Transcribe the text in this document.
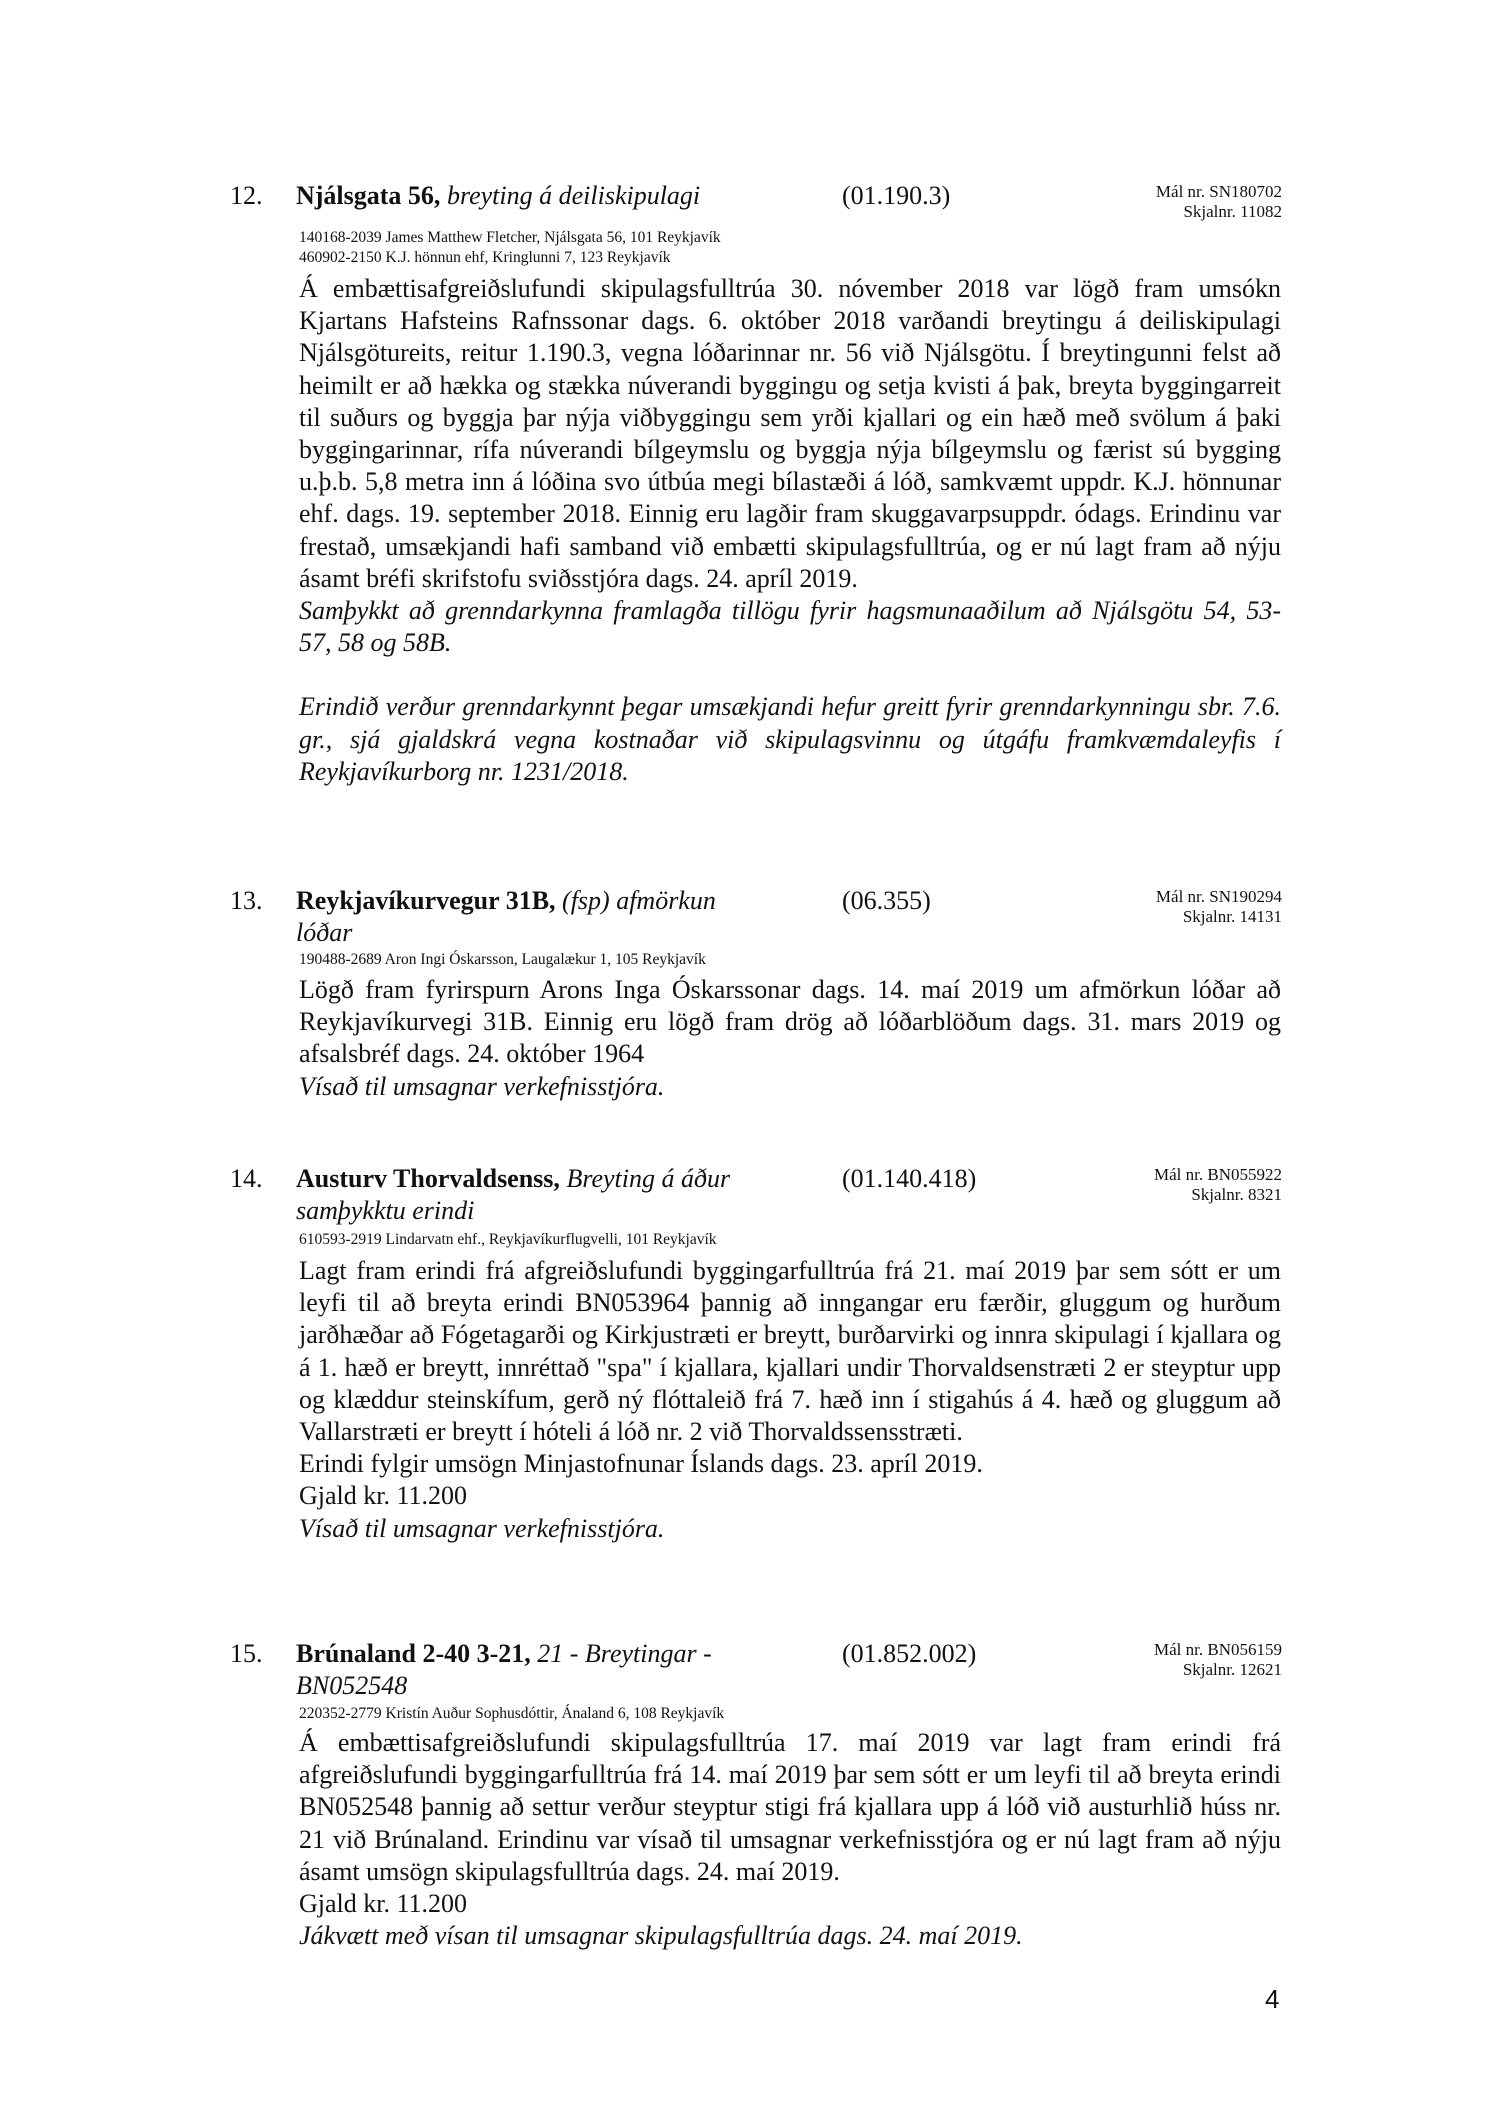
12. Njálsgata 56, breyting á deiliskipulagi	(01.190.3)	Mál nr. SN180702
Skjalnr. 11082
140168-2039 James Matthew Fletcher, Njálsgata 56, 101 Reykjavík
460902-2150 K.J. hönnun ehf, Kringlunni 7, 123 Reykjavík

Á embættisafgreiðslufundi skipulagsfulltrúa 30. nóvember 2018 var lögð fram umsókn Kjartans Hafsteins Rafnssonar dags. 6. október 2018 varðandi breytingu á deiliskipulagi Njálsgötureits, reitur 1.190.3, vegna lóðarinnar nr. 56 við Njálsgötu. Í breytingunni felst að heimilt er að hækka og stækka núverandi byggingu og setja kvisti á þak, breyta byggingarreit til suðurs og byggja þar nýja viðbyggingu sem yrði kjallari og ein hæð með svölum á þaki byggingarinnar, rífa núverandi bílgeymslu og byggja nýja bílgeymslu og færist sú bygging u.þ.b. 5,8 metra inn á lóðina svo útbúa megi bílastæði á lóð, samkvæmt uppdr. K.J. hönnunar ehf. dags. 19. september 2018. Einnig eru lagðir fram skuggavarpsuppdr. ódags. Erindinu var frestað, umsækjandi hafi samband við embætti skipulagsfulltrúa, og er nú lagt fram að nýju ásamt bréfi skrifstofu sviðsstjóra dags. 24. apríl 2019.

Samþykkt að grenndarkynna framlagða tillögu fyrir hagsmunaaðilum að Njálsgötu 54, 53- 57, 58 og 58B.

Erindið verður grenndarkynnt þegar umsækjandi hefur greitt fyrir grenndarkynningu sbr. 7.6. gr., sjá gjaldskrá vegna kostnaðar við skipulagsvinnu og útgáfu framkvæmdaleyfis í Reykjavíkurborg nr. 1231/2018.

13. Reykjavíkurvegur 31B, (fsp) afmörkun lóðar
(06.355)	Mál nr. SN190294
Skjalnr. 14131
190488-2689 Aron Ingi Óskarsson, Laugalækur 1, 105 Reykjavík

Lögð fram fyrirspurn Arons Inga Óskarssonar dags. 14. maí 2019 um afmörkun lóðar að Reykjavíkurvegi 31B. Einnig eru lögð fram drög að lóðarblöðum dags. 31. mars 2019 og afsalsbréf dags. 24. október 1964

Vísað til umsagnar verkefnisstjóra.

14. Austurv Thorvaldsenss, Breyting á áður samþykktu erindi
(01.140.418)	Mál nr. BN055922
Skjalnr. 8321
610593-2919 Lindarvatn ehf., Reykjavíkurflugvelli, 101 Reykjavík

Lagt fram erindi frá afgreiðslufundi byggingarfulltrúa frá 21. maí 2019 þar sem sótt er um leyfi til að breyta erindi BN053964 þannig að inngangar eru færðir, gluggum og hurðum jarðhæðar að Fógetagarði og Kirkjustræti er breytt, burðarvirki og innra skipulagi í kjallara og á 1. hæð er breytt, innréttað "spa" í kjallara, kjallari undir Thorvaldsenstræti 2 er steyptur upp og klæddur steinskífum, gerð ný flóttaleið frá 7. hæð inn í stigahús á 4. hæð og gluggum að Vallarstræti er breytt í hóteli á lóð nr. 2 við Thorvaldssensstræti.

Erindi fylgir umsögn Minjastofnunar Íslands dags. 23. apríl 2019.

Gjald kr. 11.200

Vísað til umsagnar verkefnisstjóra.

15. Brúnaland 2-40 3-21, 21 - Breytingar - BN052548
(01.852.002)	Mál nr. BN056159
Skjalnr. 12621
220352-2779 Kristín Auður Sophusdóttir, Ánaland 6, 108 Reykjavík

Á embættisafgreiðslufundi skipulagsfulltrúa 17. maí 2019 var lagt fram erindi frá afgreiðslufundi byggingarfulltrúa frá 14. maí 2019 þar sem sótt er um leyfi til að breyta erindi BN052548 þannig að settur verður steyptur stigi frá kjallara upp á lóð við austurhlið húss nr. 21 við Brúnaland. Erindinu var vísað til umsagnar verkefnisstjóra og er nú lagt fram að nýju ásamt umsögn skipulagsfulltrúa dags. 24. maí 2019.

Gjald kr. 11.200

Jákvætt með vísan til umsagnar skipulagsfulltrúa dags. 24. maí 2019.

4
